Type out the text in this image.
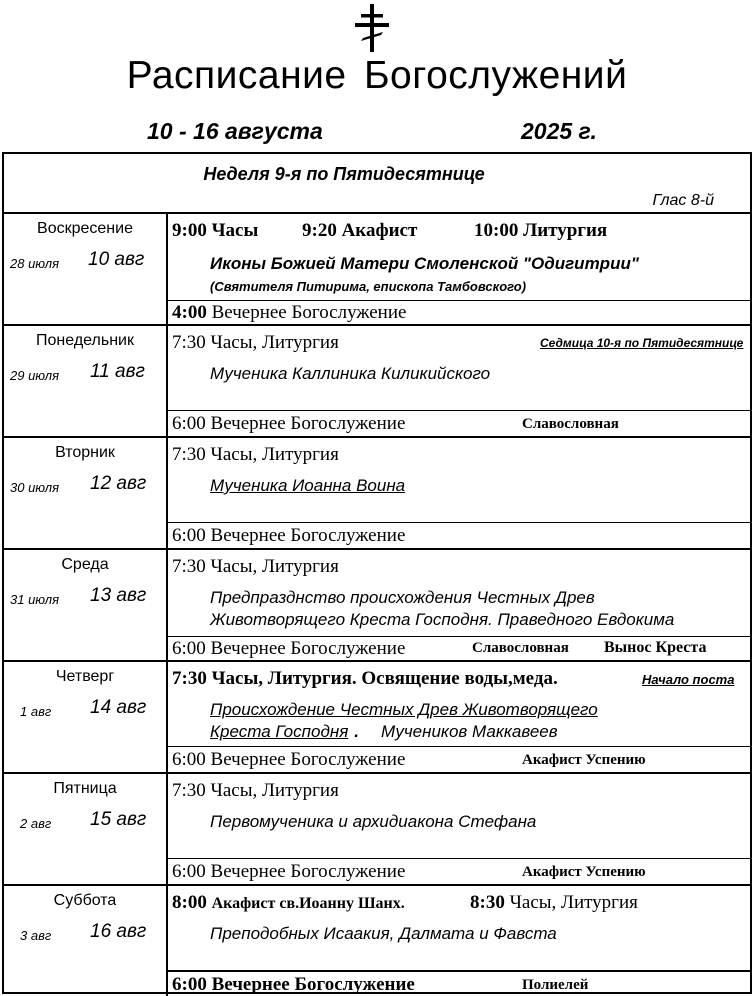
Расписание Богослужений
10 - 16 августа	2025 г.
Неделя 9-я по Пятидесятнице
Глас 8-й
Воскресение
28 июля 10 авг
9:00 Часы 9:20 Акафист	10:00 Литургия
Иконы Божией Матери Смоленской "Одигитрии"
(Святителя Питирима, епископа Тамбовского)
4:00 Вечернее Богослужение
Понедельник
29 июля 11 авг
7:30 Часы, Литургия	Седмица 10-я по Пятидесятнице
Мученика Каллиника Киликийского
6:00 Вечернее Богослужение	Славословная
Вторник
30 июля 12 авг
7:30 Часы, Литургия
Мученика Иоанна Воина
6:00 Вечернее Богослужение
Среда
31 июля 13 авг
7:30 Часы, Литургия
Предпразднство происхождения Честных Древ
Животворящего Креста Господня. Праведного Евдокима
6:00 Вечернее Богослужение	Славословная Вынос Креста
Четверг
1 авг 14 авг
7:30 Часы, Литургия. Освящение воды,меда.	Начало поста
Происхождение Честных Древ Животворящего
Креста Господня . Мучеников Маккавеев
6:00 Вечернее Богослужение	Акафист Успению
Пятница
2 авг 15 авг
7:30 Часы, Литургия
Первомученика и архидиакона Стефана
6:00 Вечернее Богослужение	Акафист Успению
Суббота
3 авг 16 авг
8:00 Акафист св.Иоанну Шанх.	8:30 Часы, Литургия
Преподобных Исаакия, Далмата и Фавста
6:00 Вечернее Богослужение	Полиелей
